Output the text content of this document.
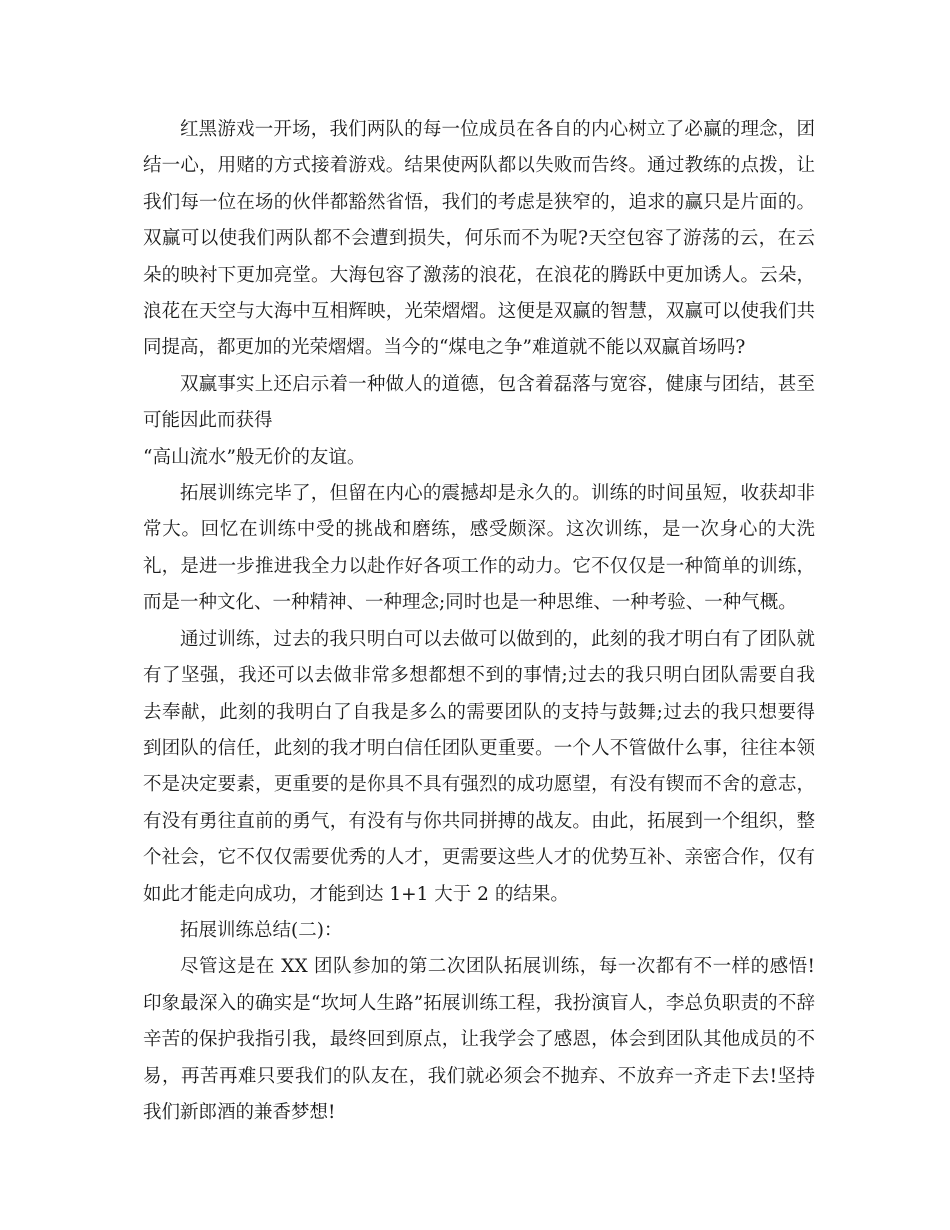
红黑游戏一开场，我们两队的每一位成员在各自的内心树立了必赢的理念，团结一心，用赌的方式接着游戏。结果使两队都以失败而告终。通过教练的点拨，让我们每一位在场的伙伴都豁然省悟，我们的考虑是狭窄的，追求的赢只是片面的。双赢可以使我们两队都不会遭到损失，何乐而不为呢?天空包容了游荡的云，在云朵的映衬下更加亮堂。大海包容了激荡的浪花，在浪花的腾跃中更加诱人。云朵，浪花在天空与大海中互相辉映，光荣熠熠。这便是双赢的智慧，双赢可以使我们共同提高，都更加的光荣熠熠。当今的“煤电之争”难道就不能以双赢首场吗?

双赢事实上还启示着一种做人的道德，包含着磊落与宽容，健康与团结，甚至可能因此而获得

“高山流水”般无价的友谊。

拓展训练完毕了，但留在内心的震撼却是永久的。训练的时间虽短，收获却非常大。回忆在训练中受的挑战和磨练，感受颇深。这次训练，是一次身心的大洗礼，是进一步推进我全力以赴作好各项工作的动力。它不仅仅是一种简单的训练，而是一种文化、一种精神、一种理念;同时也是一种思维、一种考验、一种气概。

通过训练，过去的我只明白可以去做可以做到的，此刻的我才明白有了团队就有了坚强，我还可以去做非常多想都想不到的事情;过去的我只明白团队需要自我去奉献，此刻的我明白了自我是多么的需要团队的支持与鼓舞;过去的我只想要得到团队的信任，此刻的我才明白信任团队更重要。一个人不管做什么事，往往本领不是决定要素，更重要的是你具不具有强烈的成功愿望，有没有锲而不舍的意志，有没有勇往直前的勇气，有没有与你共同拼搏的战友。由此，拓展到一个组织，整个社会，它不仅仅需要优秀的人才，更需要这些人才的优势互补、亲密合作，仅有如此才能走向成功，才能到达 1+1 大于 2 的结果。

拓展训练总结(二)：

尽管这是在 XX 团队参加的第二次团队拓展训练，每一次都有不一样的感悟!印象最深入的确实是“坎坷人生路”拓展训练工程，我扮演盲人，李总负职责的不辞辛苦的保护我指引我，最终回到原点，让我学会了感恩，体会到团队其他成员的不易，再苦再难只要我们的队友在，我们就必须会不抛弃、不放弃一齐走下去!坚持我们新郎酒的兼香梦想!
